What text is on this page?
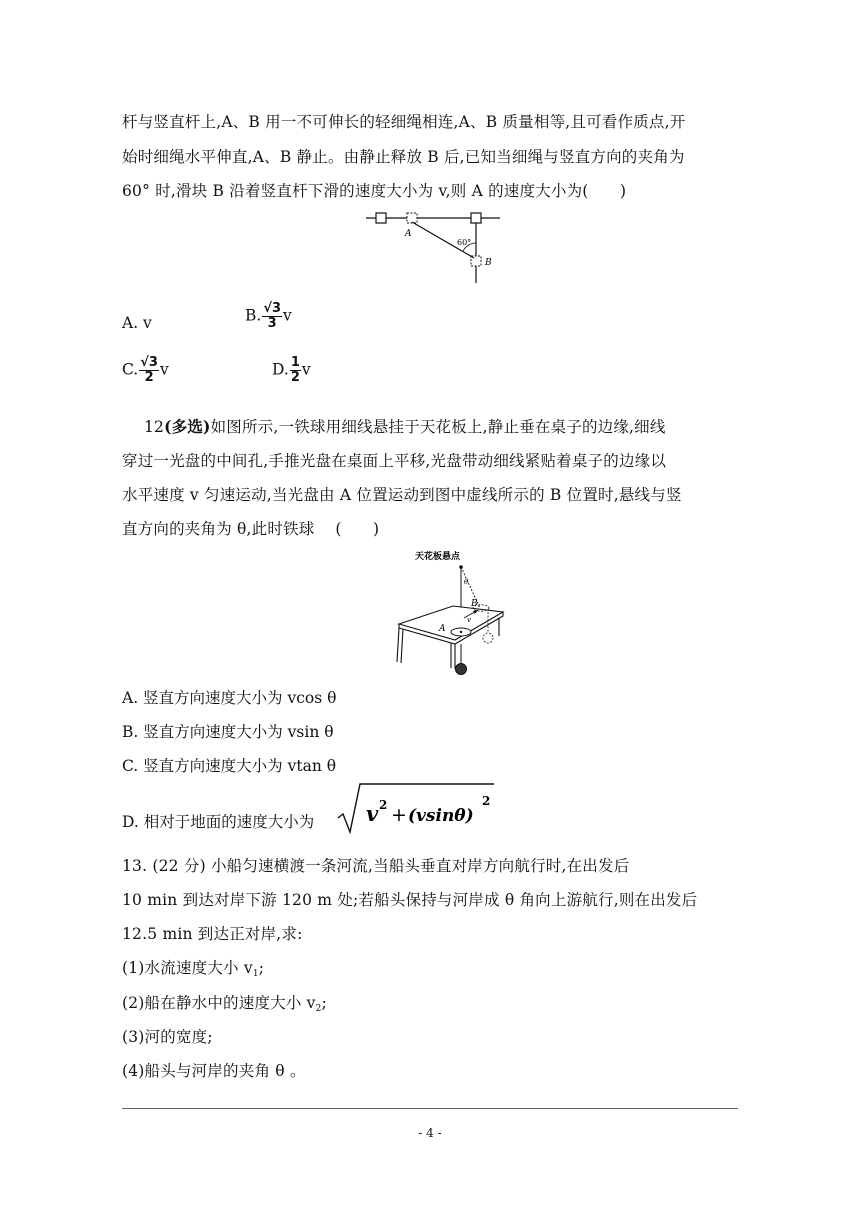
杆与竖直杆上,A、B 用一不可伸长的轻细绳相连,A、B 质量相等,且可看作质点,开
始时细绳水平伸直,A、B 静止。由静止释放 B 后,已知当细绳与竖直方向的夹角为
60° 时,滑块 B 沿着竖直杆下滑的速度大小为 v,则 A 的速度大小为(　　)
A
B
60°
A. v	B. $\frac{√3}{3}$ v
C. $\frac{√3}{2}$ v	D. $\frac{1}{2}$ v
12(多选)如图所示,一铁球用细线悬挂于天花板上,静止垂在桌子的边缘,细线
穿过一光盘的中间孔,手推光盘在桌面上平移,光盘带动细线紧贴着桌子的边缘以
水平速度 v 匀速运动,当光盘由 A 位置运动到图中虚线所示的 B 位置时,悬线与竖
直方向的夹角为 θ,此时铁球　 (　　)
天花板悬点
θ
v
B
A
A. 竖直方向速度大小为 vcos θ
B. 竖直方向速度大小为 vsin θ
C. 竖直方向速度大小为 vtan θ
D. 相对于地面的速度大小为 v 2 + (vsinθ)
2
13. (22 分) 小船匀速横渡一条河流,当船头垂直对岸方向航行时,在出发后
10 min 到达对岸下游 120 m 处;若船头保持与河岸成 θ 角向上游航行,则在出发后
12.5 min 到达正对岸,求:
(1)水流速度大小 $v_1$;
(2)船在静水中的速度大小 $v_2$;
(3)河的宽度;
(4)船头与河岸的夹角 θ 。
- 4 -
